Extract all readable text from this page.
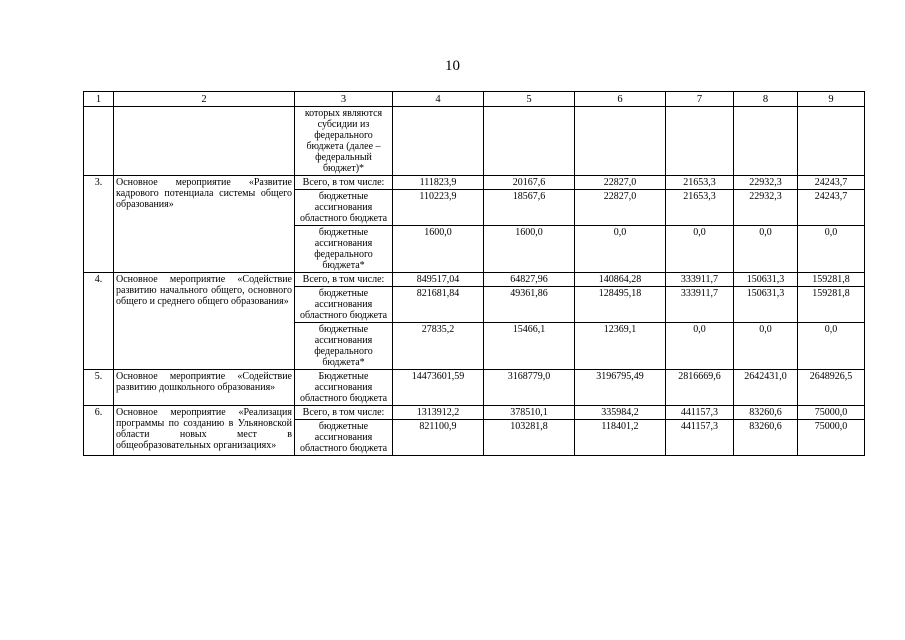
10
1	2	3	4	5	6	7	8	9
		которых являются субсидии из федерального бюджета (далее – федеральный бюджет)*						
3.	Основное мероприятие «Развитие кадрового потенциала системы общего образования»	Всего, в том числе:	111823,9	20167,6	22827,0	21653,3	22932,3	24243,7
		бюджетные ассигнования областного бюджета	110223,9	18567,6	22827,0	21653,3	22932,3	24243,7
		бюджетные ассигнования федерального бюджета*	1600,0	1600,0	0,0	0,0	0,0	0,0
4.	Основное мероприятие «Содействие развитию начального общего, основного общего и среднего общего образования»	Всего, в том числе:	849517,04	64827,96	140864,28	333911,7	150631,3	159281,8
		бюджетные ассигнования областного бюджета	821681,84	49361,86	128495,18	333911,7	150631,3	159281,8
		бюджетные ассигнования федерального бюджета*	27835,2	15466,1	12369,1	0,0	0,0	0,0
5.	Основное мероприятие «Содействие развитию дошкольного образования»	Бюджетные ассигнования областного бюджета	14473601,59	3168779,0	3196795,49	2816669,6	2642431,0	2648926,5
6.	Основное мероприятие «Реализация программы по созданию в Ульяновской области новых мест в общеобразовательных организациях»	Всего, в том числе:	1313912,2	378510,1	335984,2	441157,3	83260,6	75000,0
		бюджетные ассигнования областного бюджета	821100,9	103281,8	118401,2	441157,3	83260,6	75000,0
